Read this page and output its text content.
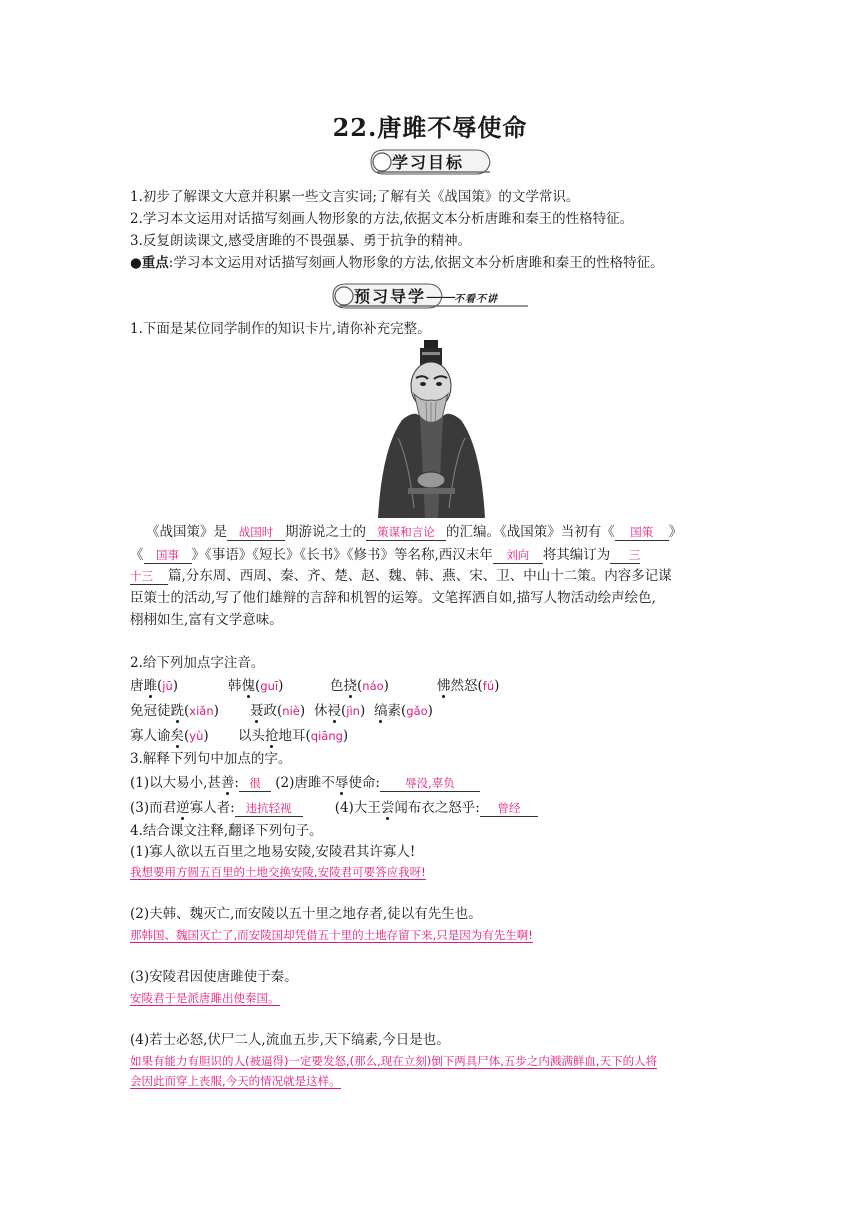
22.唐雎不辱使命
学习目标
1.初步了解课文大意并积累一些文言实词;了解有关《战国策》的文学常识。
2.学习本文运用对话描写刻画人物形象的方法,依据文本分析唐雎和秦王的性格特征。
3.反复朗读课文,感受唐雎的不畏强暴、勇于抗争的精神。
●重点:学习本文运用对话描写刻画人物形象的方法,依据文本分析唐雎和秦王的性格特征。
预习导学——不看不讲
1.下面是某位同学制作的知识卡片,请你补充完整。
《战国策》是 战国时 期游说之士的 策谋和言论 的汇编。《战国策》当初有《 国策 》
《 国事 》《事语》《短长》《长书》《修书》等名称,西汉末年 刘向 将其编订为 三
十三 篇,分东周、西周、秦、齐、楚、赵、魏、韩、燕、宋、卫、中山十二策。内容多记谋
臣策士的活动,写了他们雄辩的言辞和机智的运筹。文笔挥洒自如,描写人物活动绘声绘色,
栩栩如生,富有文学意味。
2.给下列加点字注音。
唐雎(jū)	韩傀(guī)	色挠(náo)	怫然怒(fú)
免冠徒跣(xiǎn) 聂政(niè) 休祲(jìn) 缟素(gǎo)
寡人谕矣(yù) 以头抢地耳(qiāng)
3.解释下列句中加点的字。
(1)以大易小,甚善: 很 (2)唐雎不辱使命: 辱没,辜负
(3)而君逆寡人者: 违抗轻视	(4)大王尝闻布衣之怒乎: 曾经
4.结合课文注释,翻译下列句子。
(1)寡人欲以五百里之地易安陵,安陵君其许寡人!
我想要用方圆五百里的土地交换安陵,安陵君可要答应我呀!
(2)夫韩、魏灭亡,而安陵以五十里之地存者,徒以有先生也。
那韩国、魏国灭亡了,而安陵国却凭借五十里的土地存留下来,只是因为有先生啊!
(3)安陵君因使唐雎使于秦。
安陵君于是派唐雎出使秦国。
(4)若士必怒,伏尸二人,流血五步,天下缟素,今日是也。
如果有能力有胆识的人(被逼得)一定要发怒,(那么,现在立刻)倒下两具尸体,五步之内溅满鲜血,天下的人将
会因此而穿上丧服,今天的情况就是这样。
